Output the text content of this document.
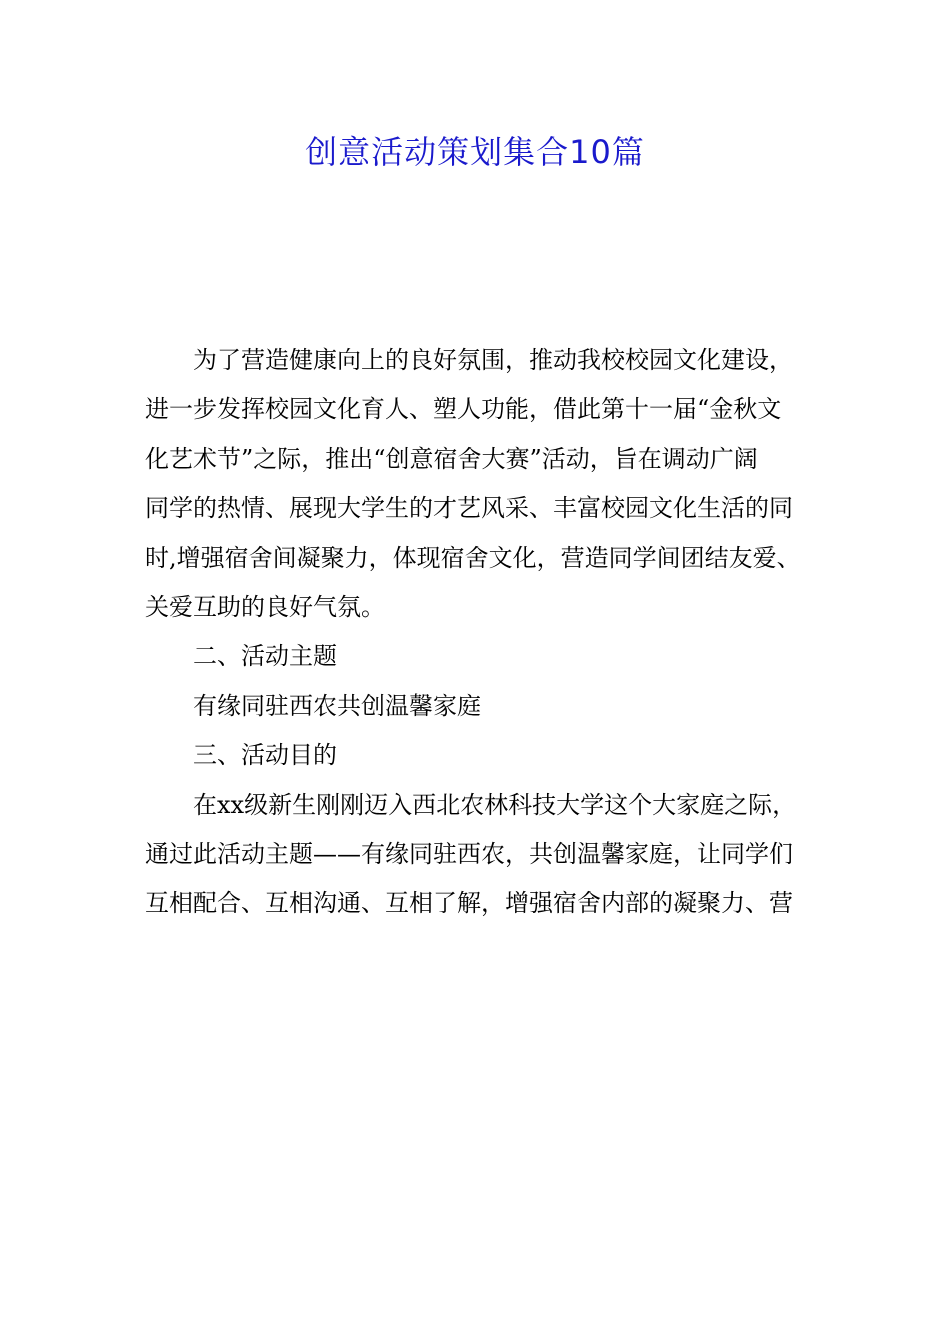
创意活动策划集合10篇

为了营造健康向上的良好氛围，推动我校校园文化建设，

进一步发挥校园文化育人、塑人功能，借此第十一届“金秋文

化艺术节”之际，推出“创意宿舍大赛”活动，旨在调动广阔

同学的热情、展现大学生的才艺风采、丰富校园文化生活的同

时,增强宿舍间凝聚力，体现宿舍文化，营造同学间团结友爱、

关爱互助的良好气氛。

二、活动主题

有缘同驻西农共创温馨家庭

三、活动目的

在xx级新生刚刚迈入西北农林科技大学这个大家庭之际，

通过此活动主题——有缘同驻西农，共创温馨家庭，让同学们

互相配合、互相沟通、互相了解，增强宿舍内部的凝聚力、营
